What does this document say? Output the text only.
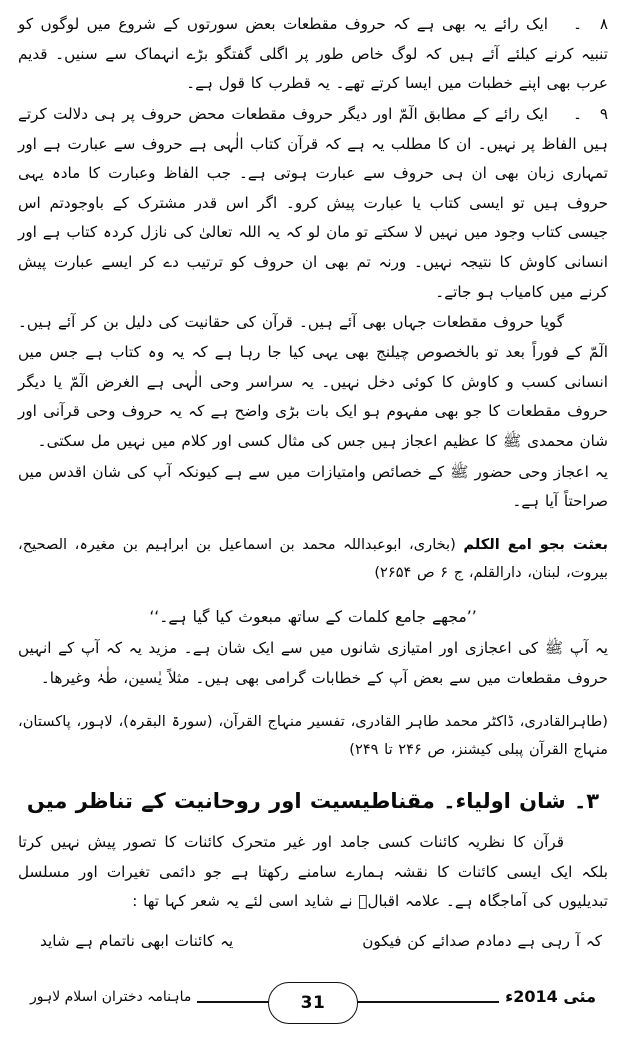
۸۔ایک رائے یہ بھی ہے کہ حروف مقطعات بعض سورتوں کے شروع میں لوگوں کو تنبیہ کرنے کیلئے آئے ہیں کہ لوگ خاص طور پر اگلی گفتگو بڑے انہماک سے سنیں۔ قدیم عرب بھی اپنے خطبات میں ایسا کرتے تھے۔ یہ قطرب کا قول ہے۔
۹۔ایک رائے کے مطابق الٓمّ اور دیگر حروف مقطعات محض حروف پر ہی دلالت کرتے ہیں الفاظ پر نہیں۔ ان کا مطلب یہ ہے کہ قرآن کتاب الٰہی ہے حروف سے عبارت ہے اور تمہاری زبان بھی ان ہی حروف سے عبارت ہوتی ہے۔ جب الفاظ وعبارت کا مادہ یہی حروف ہیں تو ایسی کتاب یا عبارت پیش کرو۔ اگر اس قدر مشترک کے باوجودتم اس جیسی کتاب وجود میں نہیں لا سکتے تو مان لو کہ یہ اللہ تعالیٰ کی نازل کردہ کتاب ہے اور انسانی کاوش کا نتیجہ نہیں۔ ورنہ تم بھی ان حروف کو ترتیب دے کر ایسے عبارت پیش کرنے میں کامیاب ہو جاتے۔

گویا حروف مقطعات جہاں بھی آئے ہیں۔ قرآن کی حقانیت کی دلیل بن کر آئے ہیں۔ الٓمّ کے فوراً بعد تو بالخصوص چیلنج بھی یہی کیا جا رہا ہے کہ یہ وہ کتاب ہے جس میں انسانی کسب و کاوش کا کوئی دخل نہیں۔ یہ سراسر وحی الٰہی ہے الغرض الٓمّ یا دیگر حروف مقطعات کا جو بھی مفہوم ہو ایک بات بڑی واضح ہے کہ یہ حروف وحی قرآنی اور شان محمدی ﷺ کا عظیم اعجاز ہیں جس کی مثال کسی اور کلام میں نہیں مل سکتی۔

یہ اعجاز وحی حضور ﷺ کے خصائص وامتیازات میں سے ہے کیونکہ آپ کی شان اقدس میں صراحتاً آیا ہے۔

بعثت بجو امع الکلم (بخاری، ابوعبداللہ محمد بن اسماعیل بن ابراہیم بن مغیرہ، الصحیح، بیروت، لبنان، دارالقلم، ج ۶ ص ۲۶۵۴)

’’مجھے جامع کلمات کے ساتھ مبعوث کیا گیا ہے۔‘‘

یہ آپ ﷺ کی اعجازی اور امتیازی شانوں میں سے ایک شان ہے۔ مزید یہ کہ آپ کے انہیں حروف مقطعات میں سے بعض آپ کے خطابات گرامی بھی ہیں۔ مثلاً یٰسین، طٰہٰ وغیرھا۔

(طاہرالقادری، ڈاکٹر محمد طاہر القادری، تفسیر منہاج القرآن، (سورۃ البقرہ)، لاہور، پاکستان، منہاج القرآن پبلی کیشنز، ص ۲۴۶ تا ۲۴۹)

۳۔ شان اولیاء۔ مقناطیسیت اور روحانیت کے تناظر میں

قرآن کا نظریہ کائنات کسی جامد اور غیر متحرک کائنات کا تصور پیش نہیں کرتا بلکہ ایک ایسی کائنات کا نقشہ ہمارے سامنے رکھتا ہے جو دائمی تغیرات اور مسلسل تبدیلیوں کی آماجگاہ ہے۔ علامہ اقبالؒ نے شاید اسی لئے یہ شعر کہا تھا :

کہ آ رہی ہے دمادم صدائے کن فیکون
یہ کائنات ابھی ناتمام ہے شاید
مئی 2014ء
31
ماہنامہ دختران اسلام لاہور
